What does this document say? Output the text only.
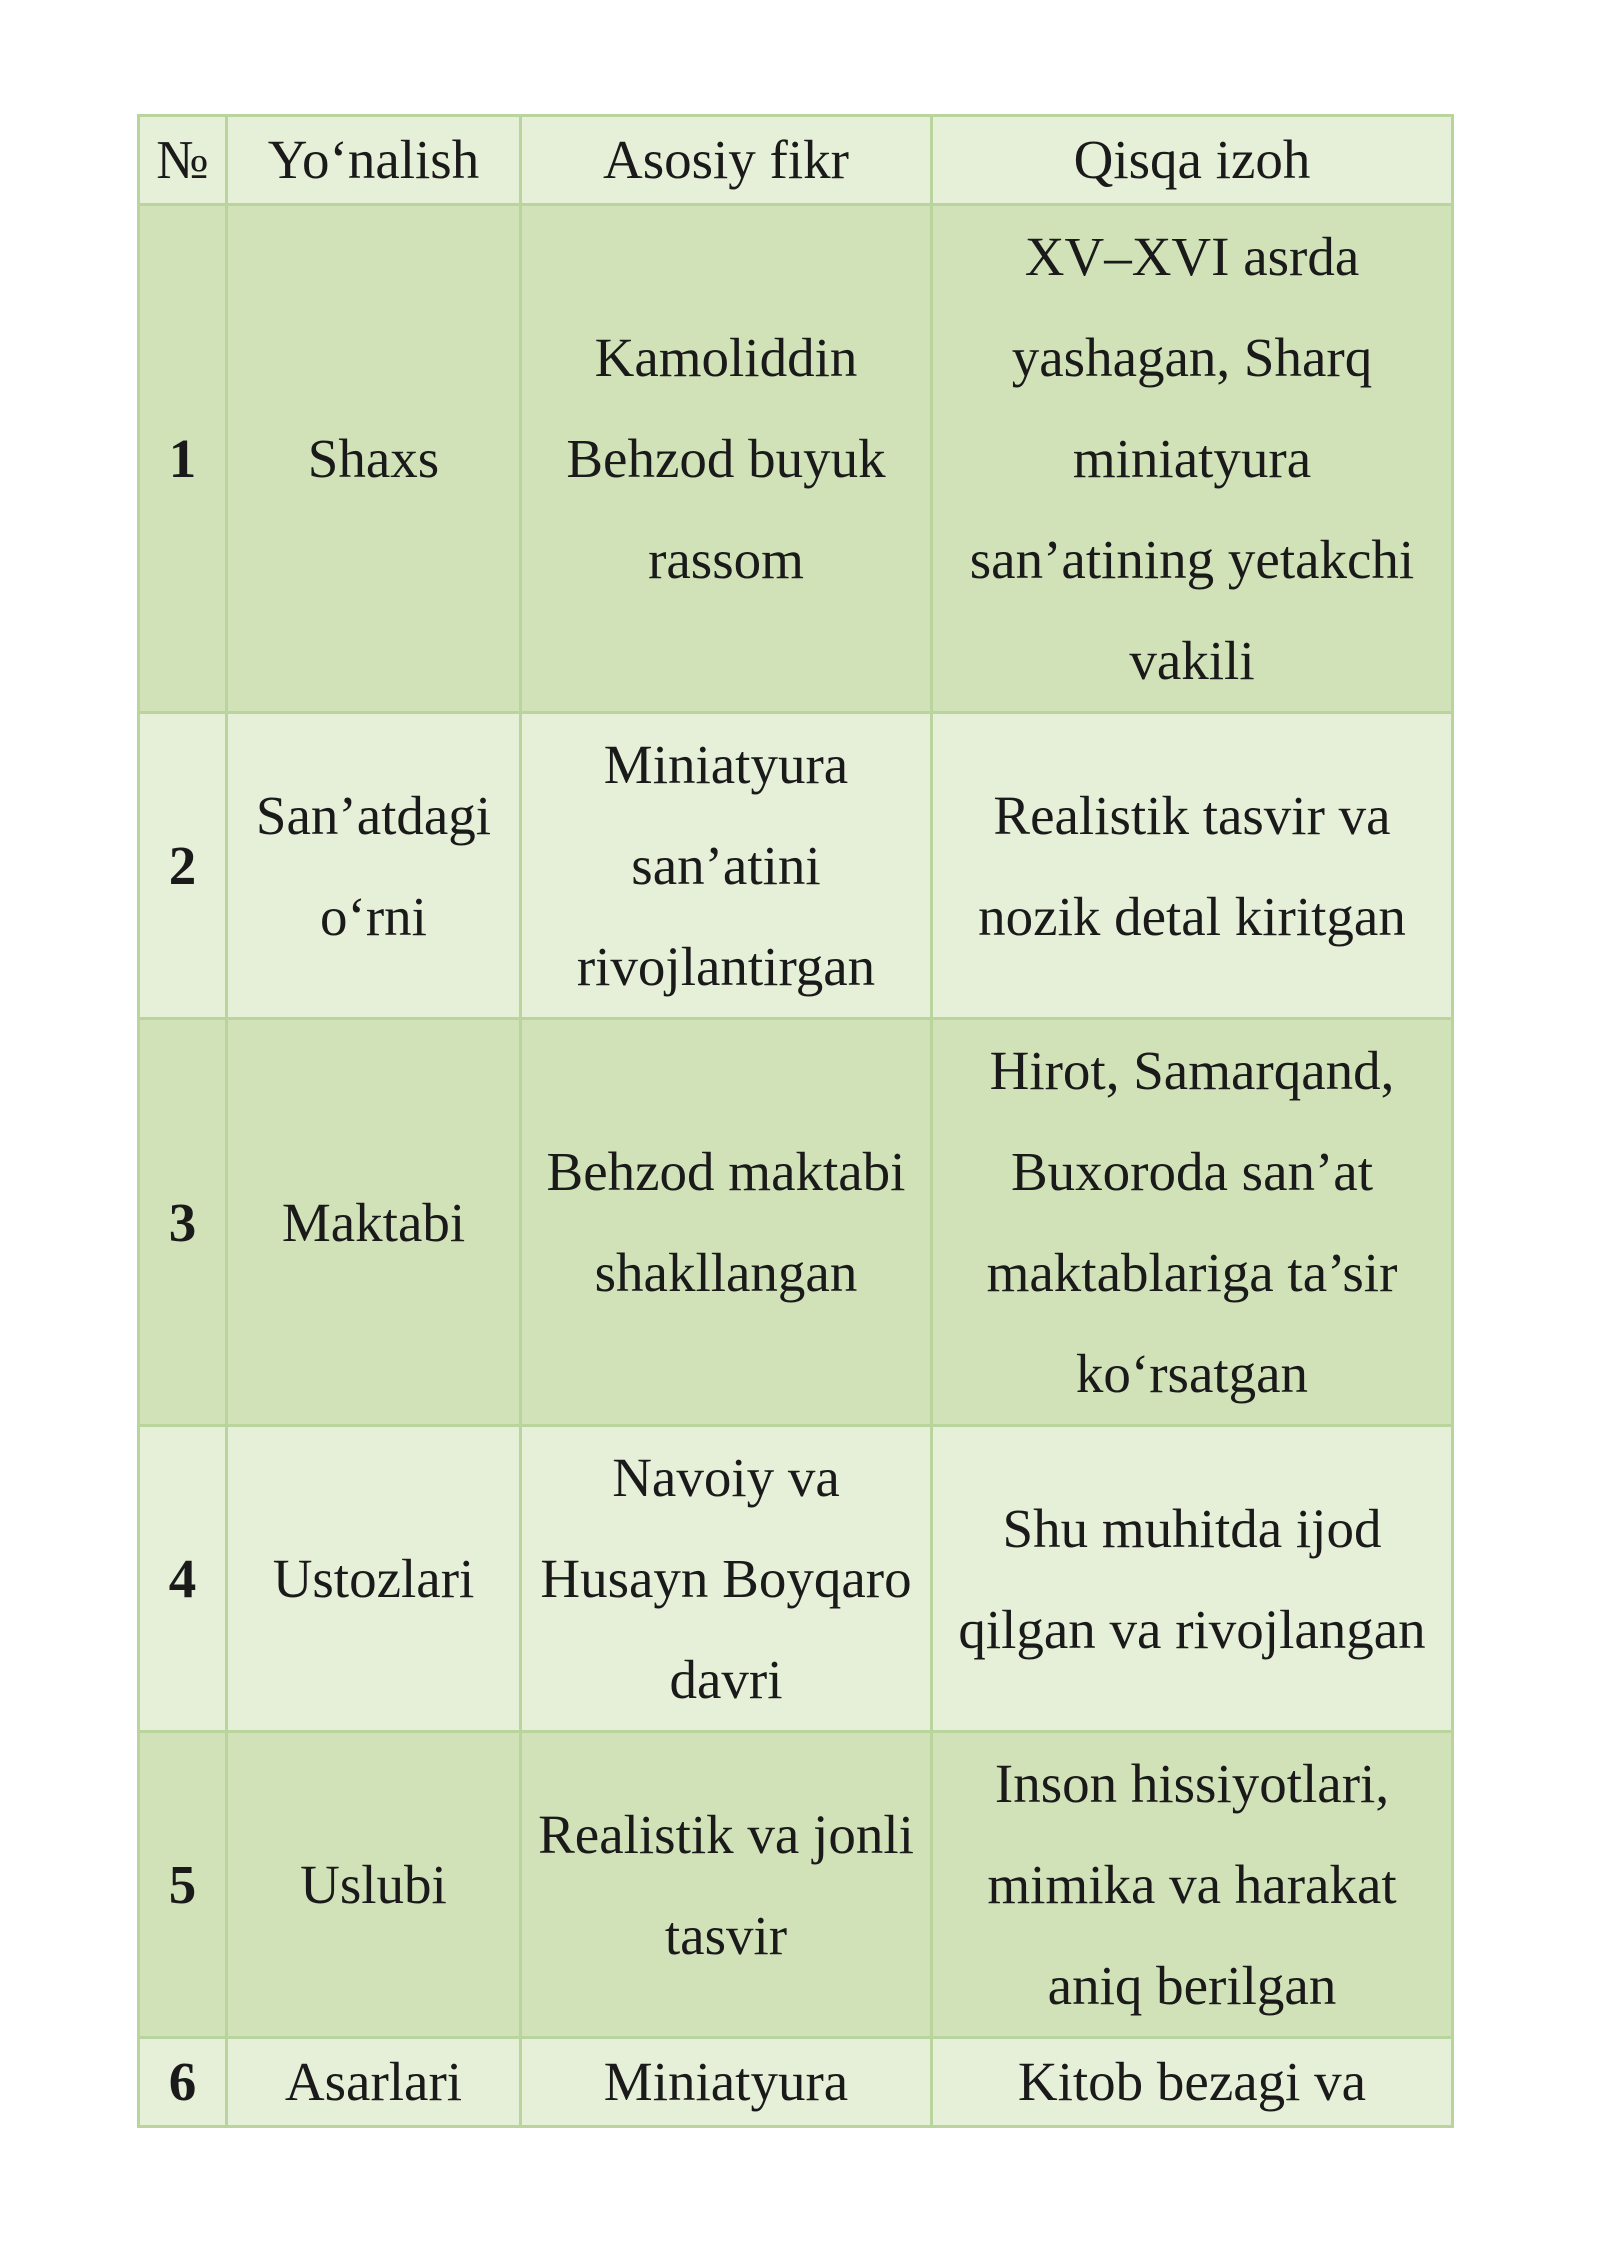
№	Yo‘nalish	Asosiy fikr	Qisqa izoh
1	Shaxs	Kamoliddin Behzod buyuk rassom	XV–XVI asrda yashagan, Sharq miniatyura san’atining yetakchi vakili
2	San’atdagi o‘rni	Miniatyura san’atini rivojlantirgan	Realistik tasvir va nozik detal kiritgan
3	Maktabi	Behzod maktabi shakllangan	Hirot, Samarqand, Buxoroda san’at maktablariga ta’sir ko‘rsatgan
4	Ustozlari	Navoiy va Husayn Boyqaro davri	Shu muhitda ijod qilgan va rivojlangan
5	Uslubi	Realistik va jonli tasvir	Inson hissiyotlari, mimika va harakat aniq berilgan
6	Asarlari	Miniatyura	Kitob bezagi va
